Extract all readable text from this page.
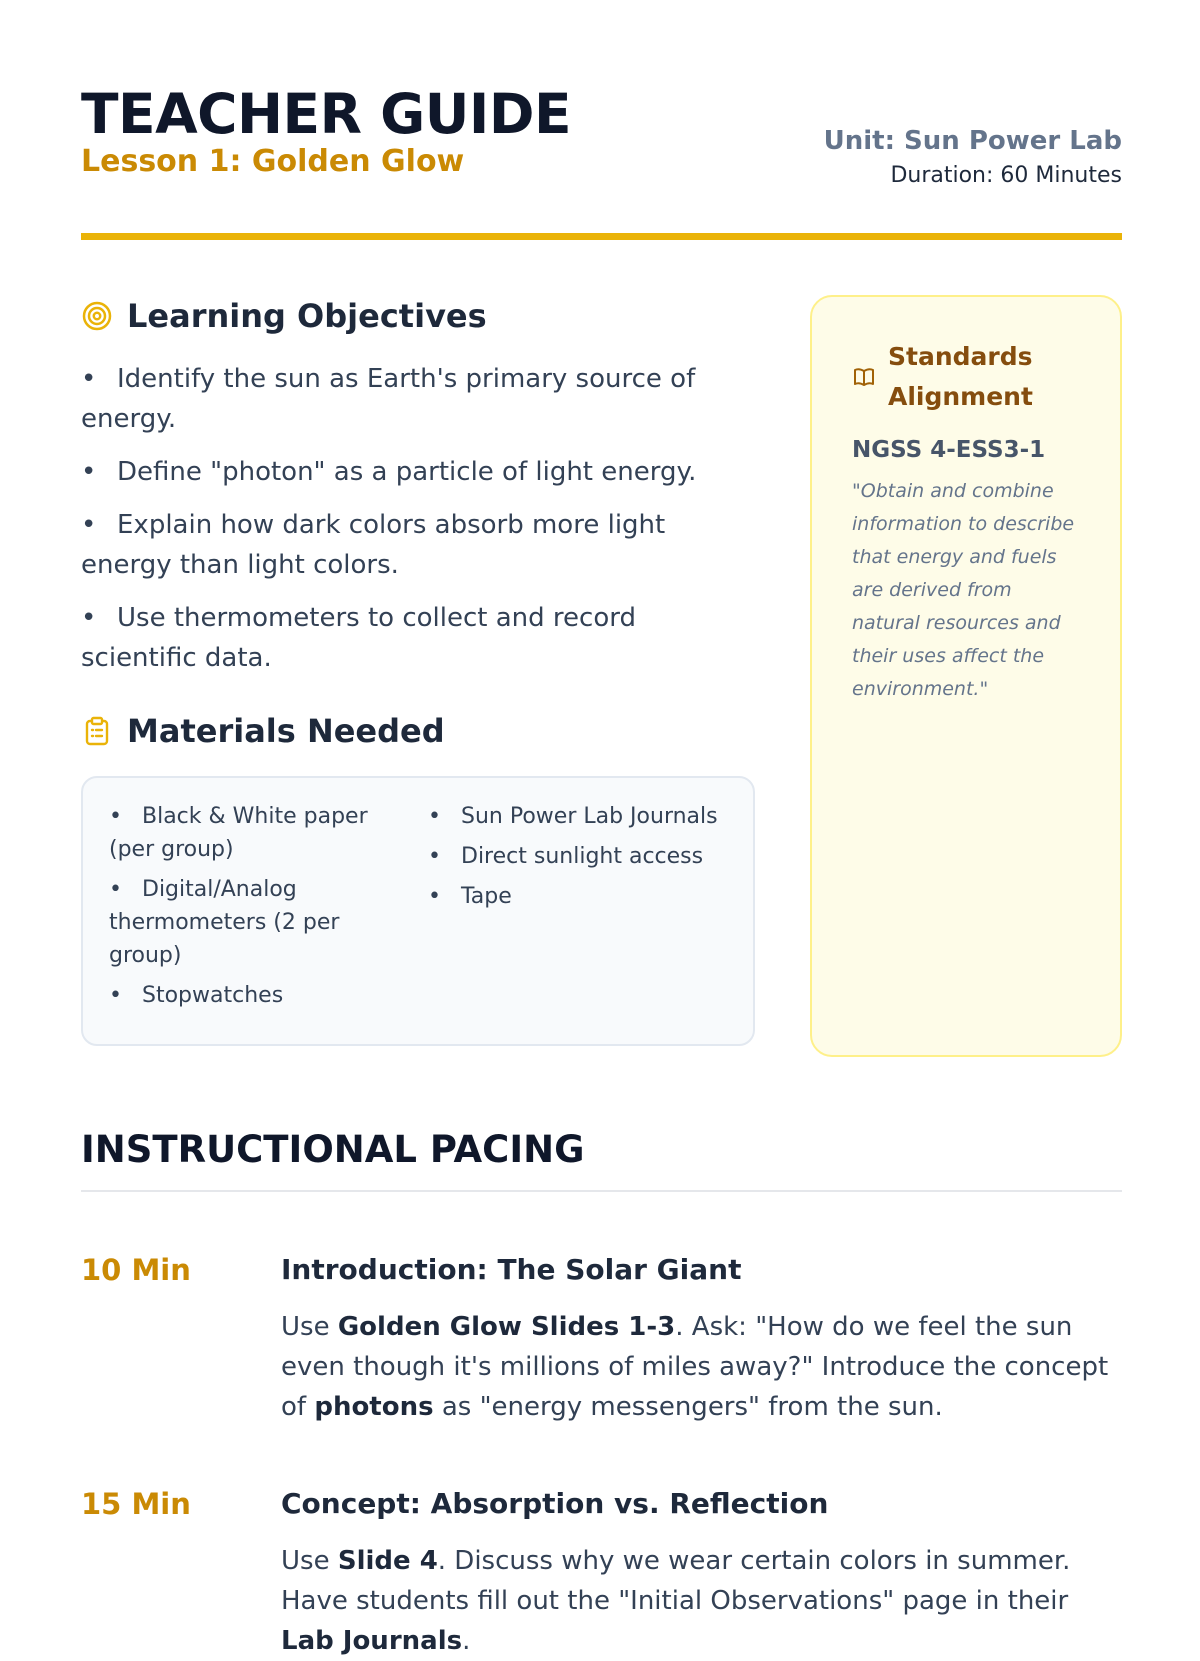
TEACHER GUIDE
Lesson 1: Golden Glow
Unit: Sun Power Lab
Duration: 60 Minutes
Learning Objectives
• Identify the sun as Earth's primary source of energy.
• Define "photon" as a particle of light energy.
• Explain how dark colors absorb more light energy than light colors.
• Use thermometers to collect and record scientific data.
Materials Needed
• Black & White paper (per group)
• Digital/Analog thermometers (2 per group)
• Stopwatches
• Sun Power Lab Journals
• Direct sunlight access
• Tape
Standards Alignment
NGSS 4-ESS3-1

"Obtain and combine information to describe that energy and fuels are derived from natural resources and their uses affect the environment."

INSTRUCTIONAL PACING
10 Min	Introduction: The Solar Giant

Use Golden Glow Slides 1-3. Ask: "How do we feel the sun even though it's millions of miles away?" Introduce the concept of photons as "energy messengers" from the sun.

15 Min	Concept: Absorption vs. Reflection

Use Slide 4. Discuss why we wear certain colors in summer. Have students fill out the "Initial Observations" page in their Lab Journals.
